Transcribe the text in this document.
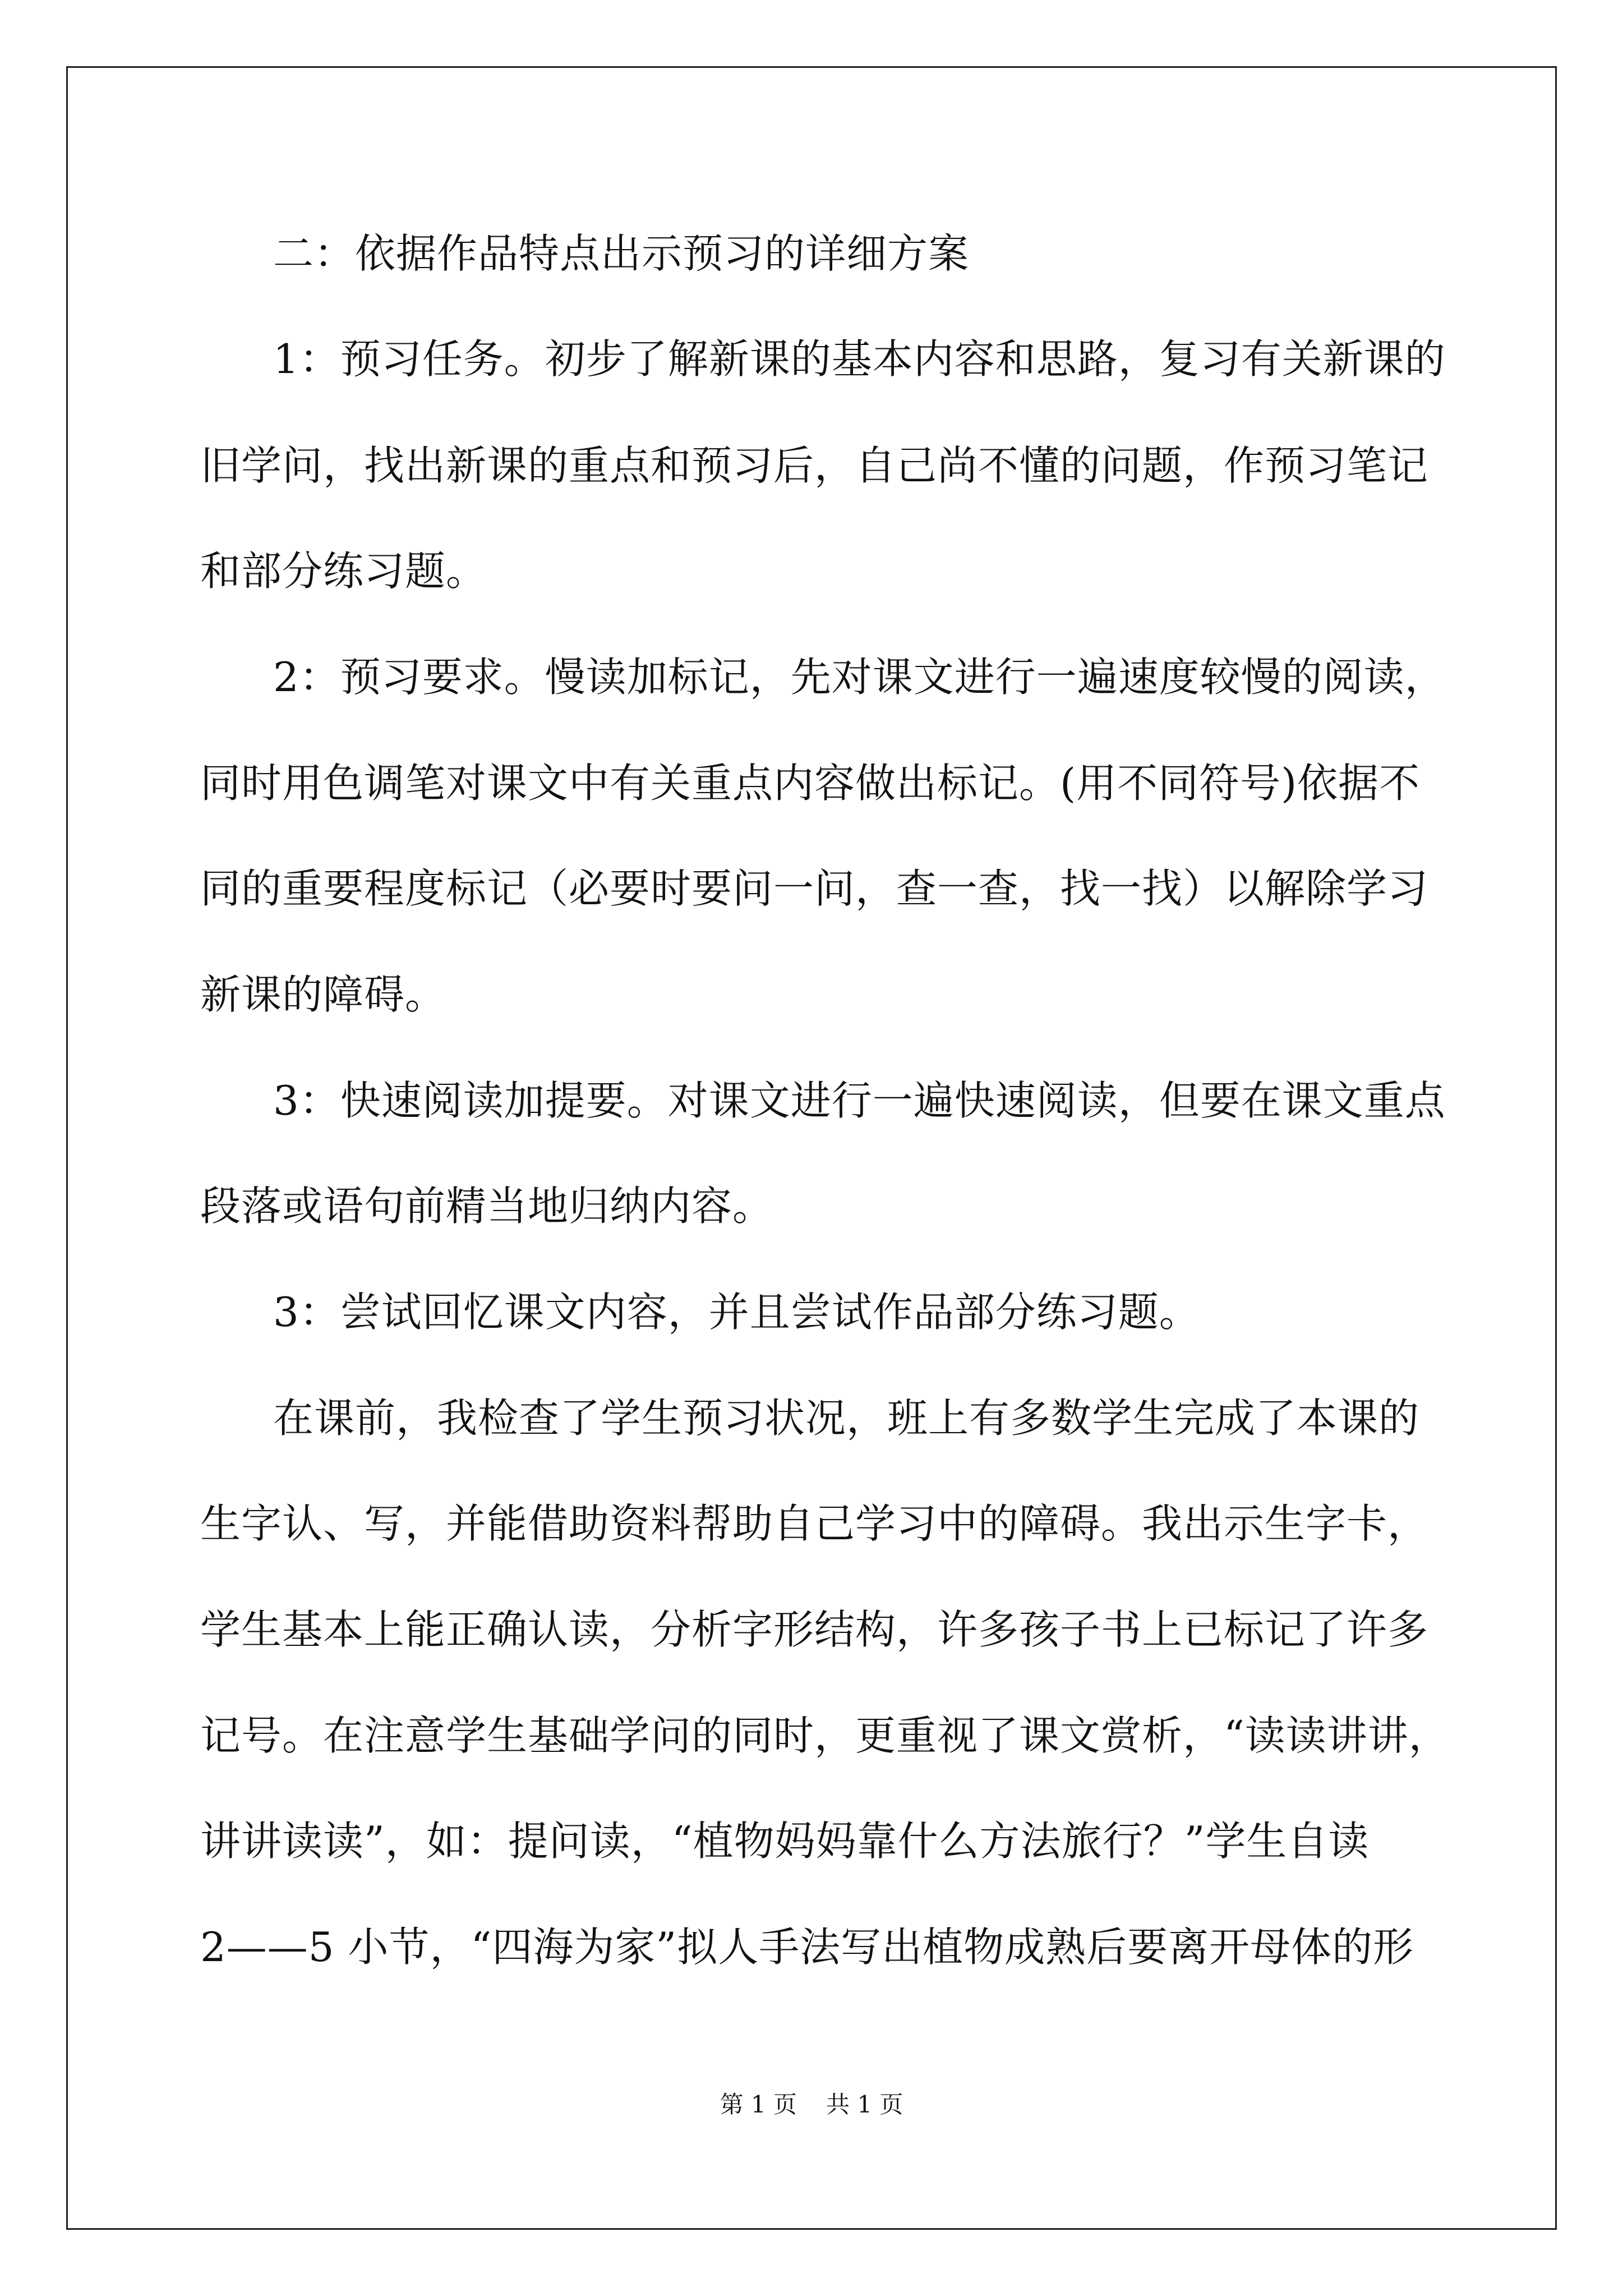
二：依据作品特点出示预习的详细方案
1：预习任务。初步了解新课的基本内容和思路，复习有关新课的
旧学问，找出新课的重点和预习后，自己尚不懂的问题，作预习笔记
和部分练习题。
2：预习要求。慢读加标记，先对课文进行一遍速度较慢的阅读，
同时用色调笔对课文中有关重点内容做出标记。(用不同符号)依据不
同的重要程度标记（必要时要问一问，查一查，找一找）以解除学习
新课的障碍。
3：快速阅读加提要。对课文进行一遍快速阅读，但要在课文重点
段落或语句前精当地归纳内容。
3：尝试回忆课文内容，并且尝试作品部分练习题。
在课前，我检查了学生预习状况，班上有多数学生完成了本课的
生字认、写，并能借助资料帮助自己学习中的障碍。我出示生字卡，
学生基本上能正确认读，分析字形结构，许多孩子书上已标记了许多
记号。在注意学生基础学问的同时，更重视了课文赏析，“读读讲讲，
讲讲读读”，如：提问读，“植物妈妈靠什么方法旅行？”学生自读
2——5 小节，“四海为家”拟人手法写出植物成熟后要离开母体的形
第 1 页 共 1 页
